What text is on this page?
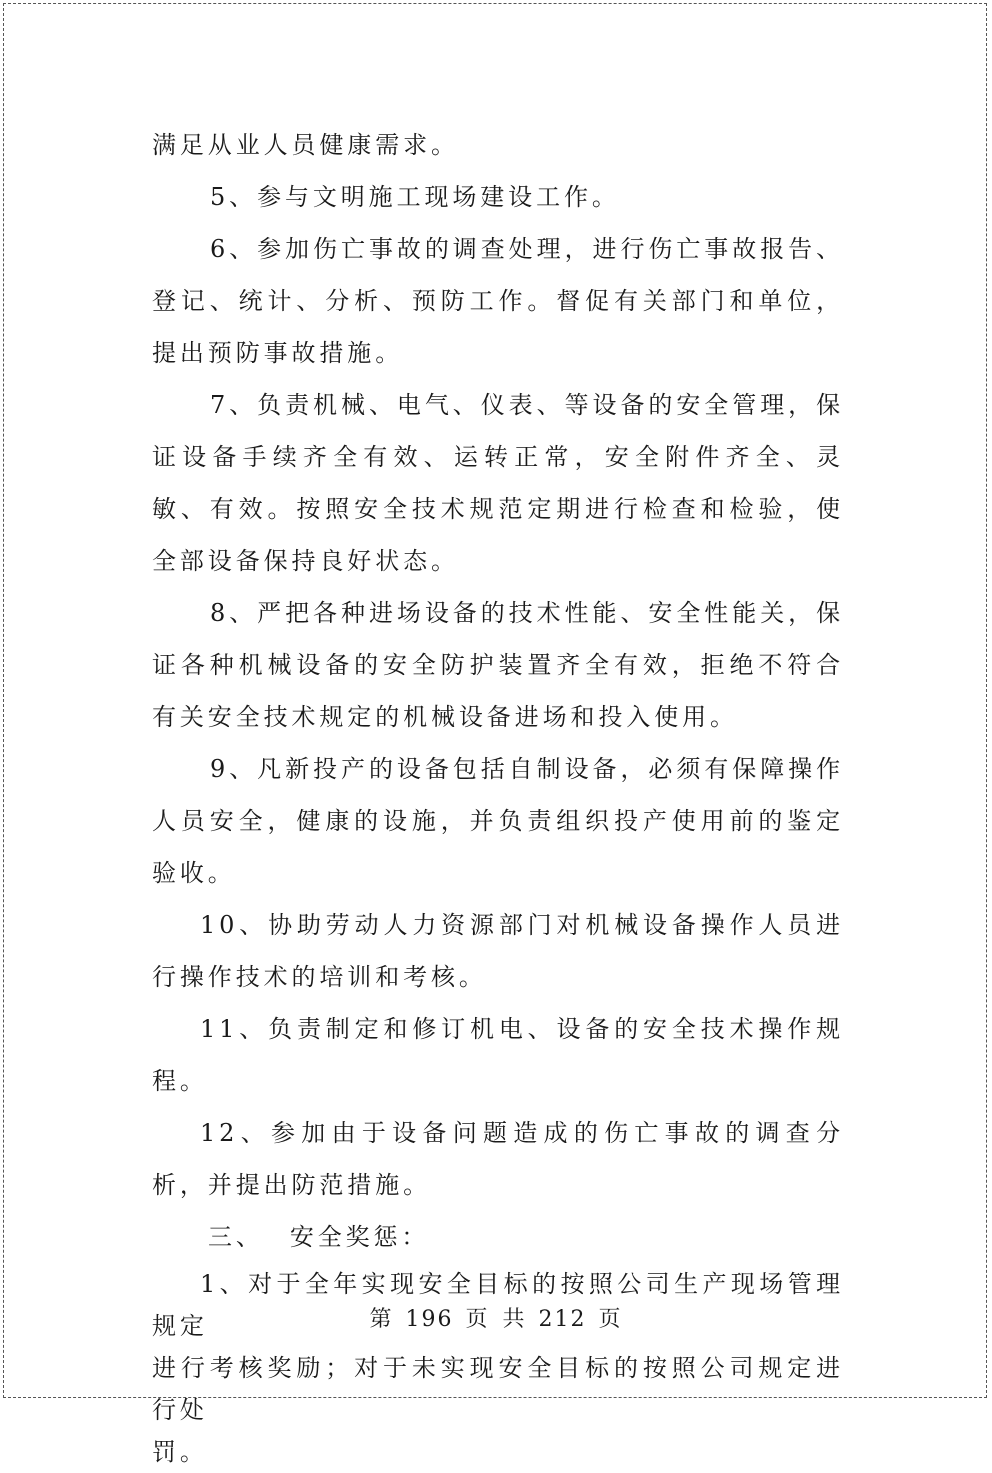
满足从业人员健康需求。

5、参与文明施工现场建设工作。

6、参加伤亡事故的调查处理，进行伤亡事故报告、登记、统计、分析、预防工作。督促有关部门和单位，提出预防事故措施。

7、负责机械、电气、仪表、等设备的安全管理，保证设备手续齐全有效、运转正常，安全附件齐全、灵敏、有效。按照安全技术规范定期进行检查和检验，使全部设备保持良好状态。

8、严把各种进场设备的技术性能、安全性能关，保证各种机械设备的安全防护装置齐全有效，拒绝不符合有关安全技术规定的机械设备进场和投入使用。

9、凡新投产的设备包括自制设备，必须有保障操作人员安全，健康的设施，并负责组织投产使用前的鉴定验收。

10、协助劳动人力资源部门对机械设备操作人员进行操作技术的培训和考核。

11、负责制定和修订机电、设备的安全技术操作规程。

12、参加由于设备问题造成的伤亡事故的调查分析，并提出防范措施。

三、 安全奖惩：

1、对于全年实现安全目标的按照公司生产现场管理规定

进行考核奖励；对于未实现安全目标的按照公司规定进行处

罚。

第 196 页 共 212 页
